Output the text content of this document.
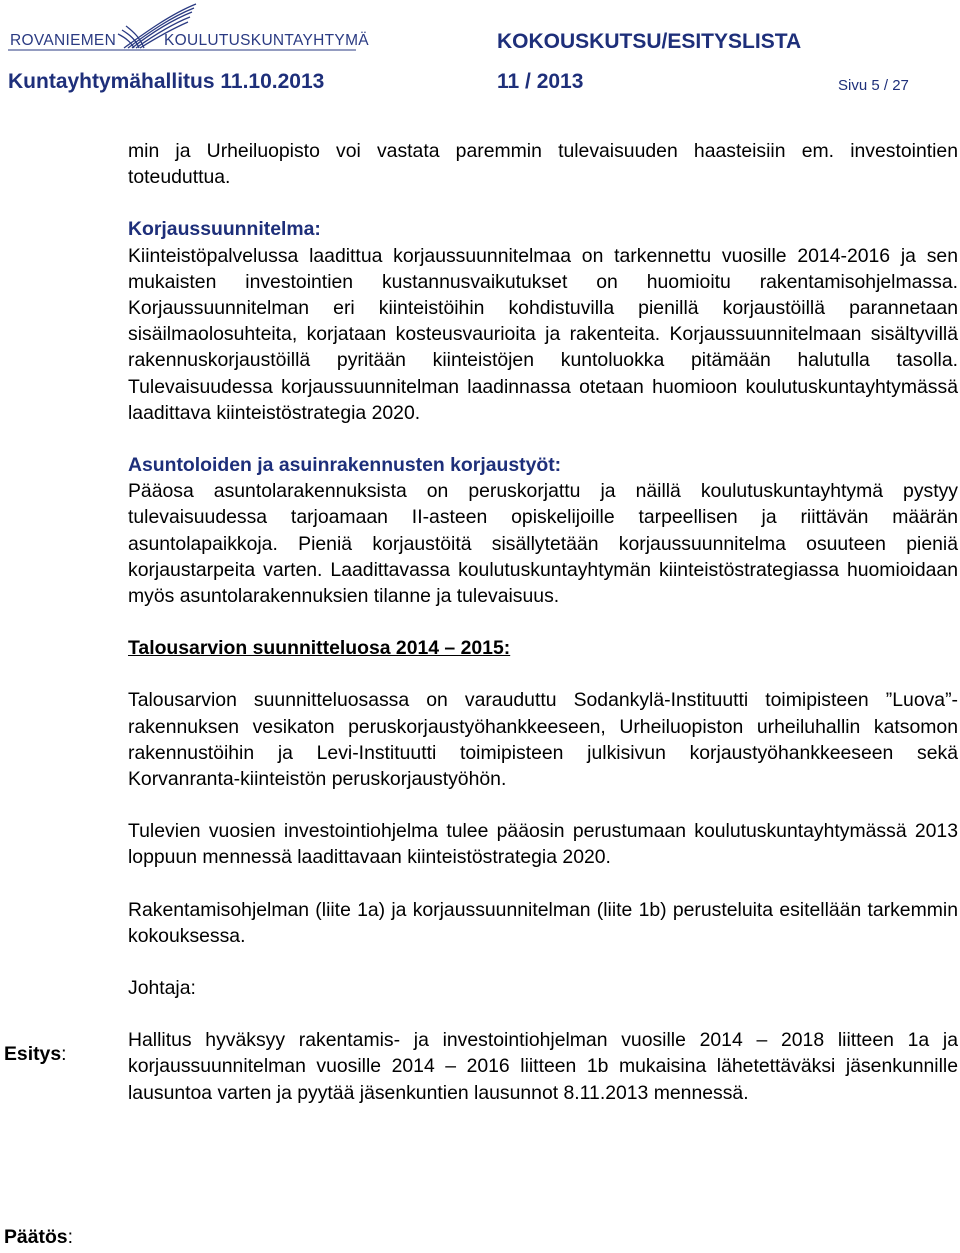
ROVANIEMEN	KOULUTUSKUNTAYHTYMÄ	KOKOUSKUTSU/ESITYSLISTA
Kuntayhtymähallitus 11.10.2013	11 / 2013	Sivu 5 / 27

min ja Urheiluopisto voi vastata paremmin tulevaisuuden haasteisiin em. investointien toteuduttua.

Korjaussuunnitelma:

Kiinteistöpalvelussa laadittua korjaussuunnitelmaa on tarkennettu vuosille 2014-2016 ja sen mukaisten investointien kustannusvaikutukset on huomioitu rakentamisohjelmassa. Korjaussuunnitelman eri kiinteistöihin kohdistuvilla pienillä korjaustöillä parannetaan sisäilmaolosuhteita, korjataan kosteusvaurioita ja rakenteita. Korjaussuunnitelmaan sisältyvillä rakennuskorjaustöillä pyritään kiinteistöjen kuntoluokka pitämään halutulla tasolla. Tulevaisuudessa korjaussuunnitelman laadinnassa otetaan huomioon koulutuskuntayhtymässä laadittava kiinteistöstrategia 2020.

Asuntoloiden ja asuinrakennusten korjaustyöt:

Pääosa asuntolarakennuksista on peruskorjattu ja näillä koulutuskuntayhtymä pystyy tulevaisuudessa tarjoamaan II-asteen opiskelijoille tarpeellisen ja riittävän määrän asuntolapaikkoja. Pieniä korjaustöitä sisällytetään korjaussuunnitelma osuuteen pieniä korjaustarpeita varten. Laadittavassa koulutuskuntayhtymän kiinteistöstrategiassa huomioidaan myös asuntolarakennuksien tilanne ja tulevaisuus.

Talousarvion suunnitteluosa 2014 – 2015:

Talousarvion suunnitteluosassa on varauduttu Sodankylä-Instituutti toimipisteen ”Luova”-rakennuksen vesikaton peruskorjaustyöhankkeeseen, Urheiluopiston urheiluhallin katsomon rakennustöihin ja Levi-Instituutti toimipisteen julkisivun korjaustyöhankkeeseen sekä Korvanranta-kiinteistön peruskorjaustyöhön.

Tulevien vuosien investointiohjelma tulee pääosin perustumaan koulutuskuntayhtymässä 2013 loppuun mennessä laadittavaan kiinteistöstrategia 2020.

Rakentamisohjelman (liite 1a) ja korjaussuunnitelman (liite 1b) perusteluita esitellään tarkemmin kokouksessa.

Johtaja:

Hallitus hyväksyy rakentamis- ja investointiohjelman vuosille 2014 – 2018 liitteen 1a ja korjaussuunnitelman vuosille 2014 – 2016 liitteen 1b mukaisina lähetettäväksi jäsenkunnille lausuntoa varten ja pyytää jäsenkuntien lausunnot 8.11.2013 mennessä.

Esitys:
Päätös:
